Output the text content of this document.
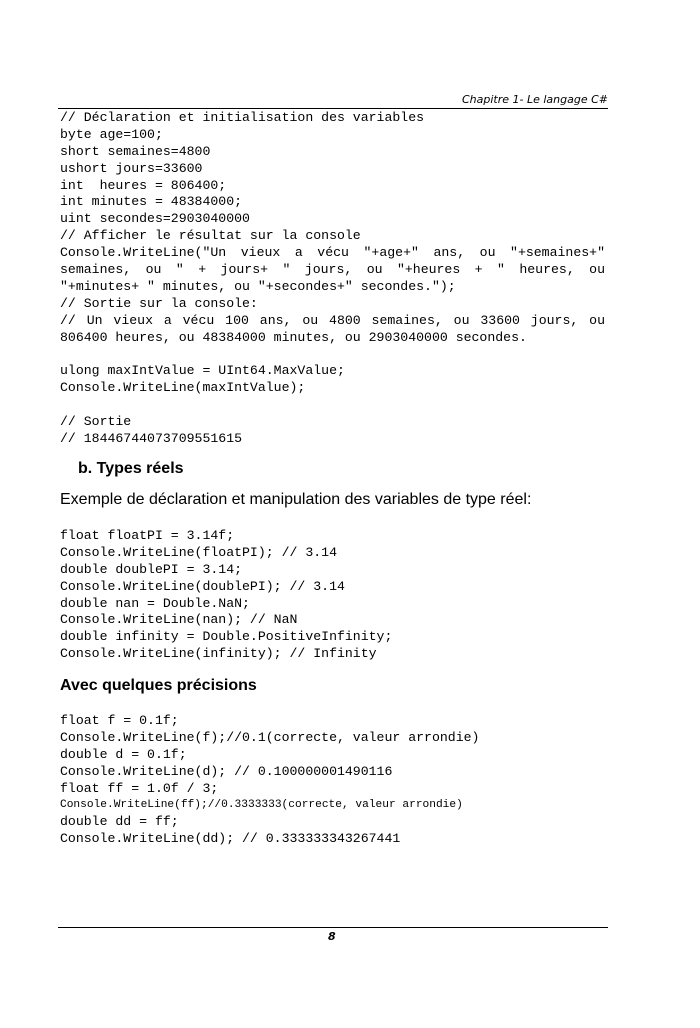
Chapitre 1- Le langage C#
// Déclaration et initialisation des variables
byte age=100;
short semaines=4800
ushort jours=33600
int  heures = 806400;
int minutes = 48384000;
uint secondes=2903040000
// Afficher le résultat sur la console
Console.WriteLine("Un vieux a vécu "+age+" ans, ou "+semaines+"
semaines, ou " + jours+ " jours, ou "+heures + " heures, ou
"+minutes+ " minutes, ou "+secondes+" secondes.");
// Sortie sur la console:
// Un vieux a vécu 100 ans, ou 4800 semaines, ou 33600 jours, ou
806400 heures, ou 48384000 minutes, ou 2903040000 secondes.
ulong maxIntValue = UInt64.MaxValue;
Console.WriteLine(maxIntValue);
// Sortie
// 18446744073709551615
b. Types réels

Exemple de déclaration et manipulation des variables de type réel:

float floatPI = 3.14f;
Console.WriteLine(floatPI); // 3.14
double doublePI = 3.14;
Console.WriteLine(doublePI); // 3.14
double nan = Double.NaN;
Console.WriteLine(nan); // NaN
double infinity = Double.PositiveInfinity;
Console.WriteLine(infinity); // Infinity
Avec quelques précisions
float f = 0.1f;
Console.WriteLine(f);//0.1(correcte, valeur arrondie)
double d = 0.1f;
Console.WriteLine(d); // 0.100000001490116
float ff = 1.0f / 3;
Console.WriteLine(ff);//0.3333333(correcte, valeur arrondie)
double dd = ff;
Console.WriteLine(dd); // 0.333333343267441
8
